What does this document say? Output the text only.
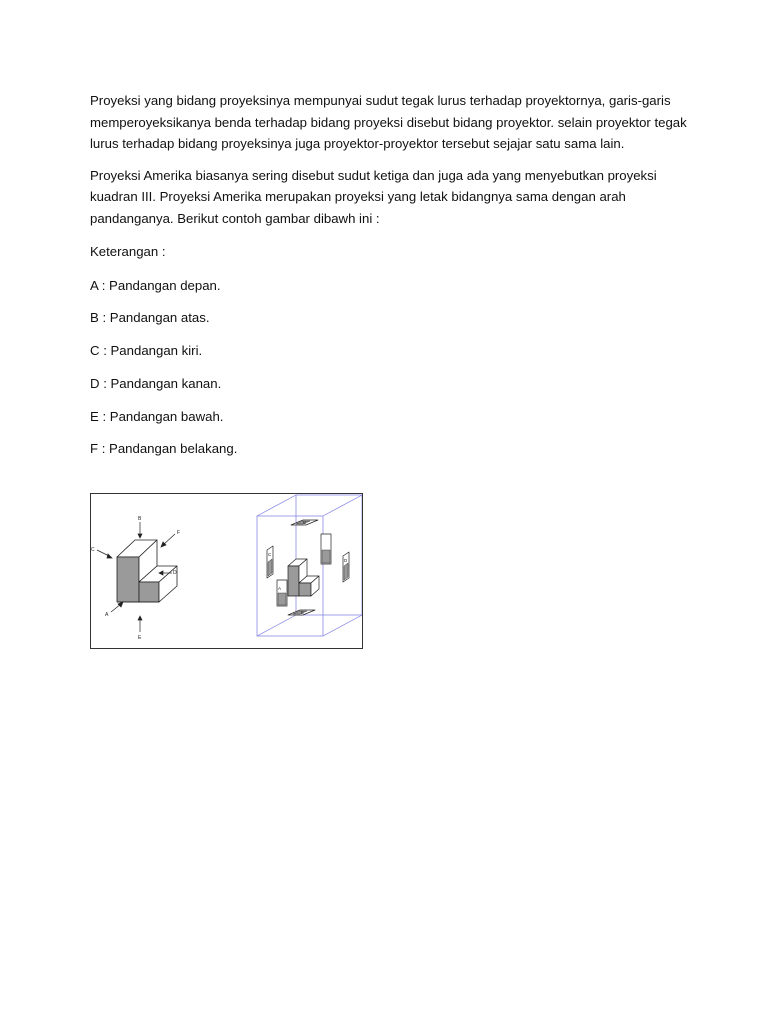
Proyeksi yang bidang proyeksinya mempunyai sudut tegak lurus terhadap proyektornya, garis-garis memperoyeksikanya benda terhadap bidang proyeksi disebut bidang proyektor. selain proyektor tegak lurus terhadap bidang proyeksinya juga proyektor-proyektor tersebut sejajar satu sama lain.

Proyeksi Amerika biasanya sering disebut sudut ketiga dan juga ada yang menyebutkan proyeksi kuadran III. Proyeksi Amerika merupakan proyeksi yang letak bidangnya sama dengan arah pandanganya. Berikut contoh gambar dibawh ini :

Keterangan :

A : Pandangan depan.

B : Pandangan atas.

C : Pandangan kiri.

D : Pandangan kanan.

E : Pandangan bawah.

F : Pandangan belakang.

B
C
F
D
A
E
B
C
D
A
E
